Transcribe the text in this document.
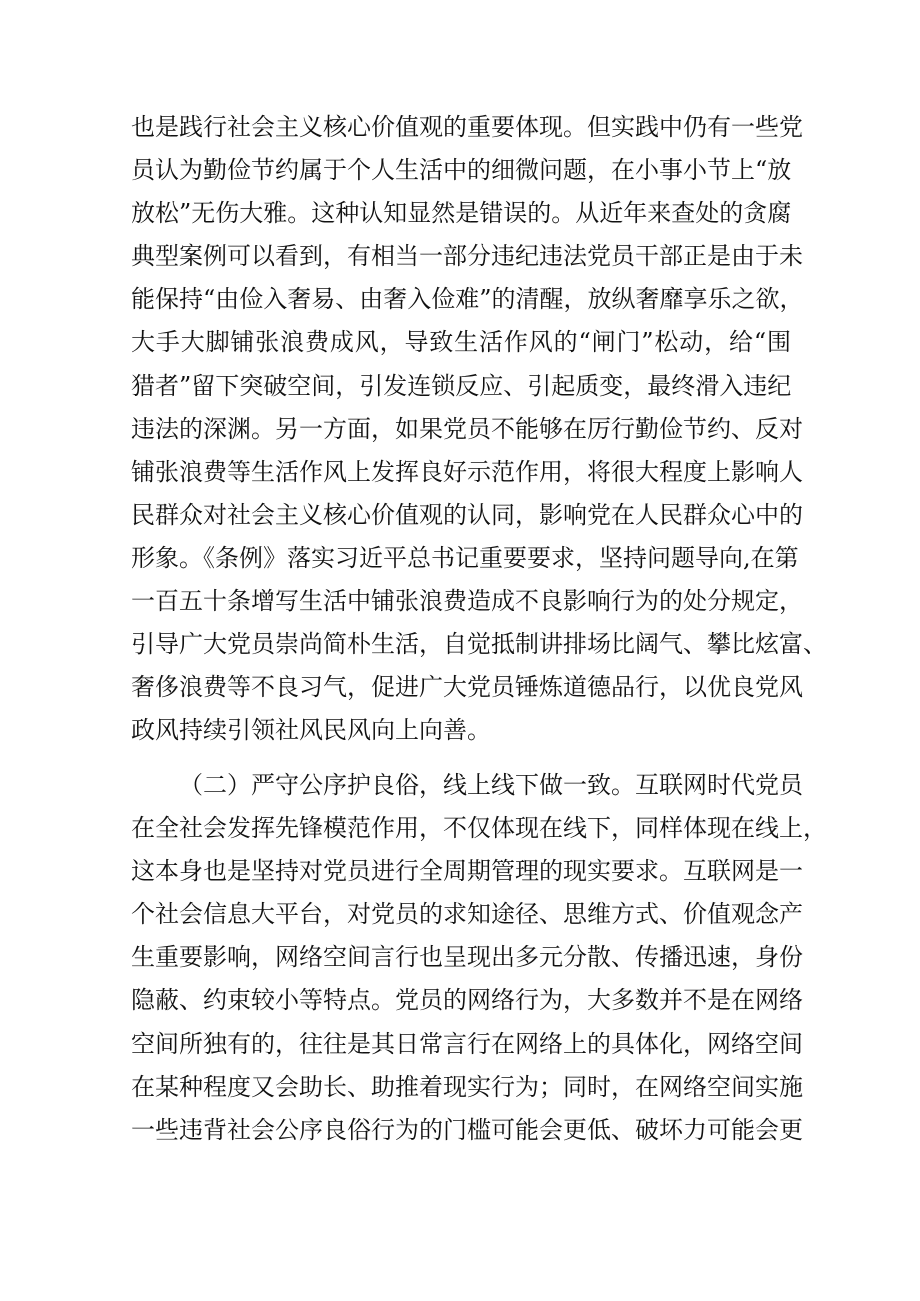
也是践行社会主义核心价值观的重要体现。但实践中仍有一些党
员认为勤俭节约属于个人生活中的细微问题，在小事小节上“放
放松”无伤大雅。这种认知显然是错误的。从近年来查处的贪腐
典型案例可以看到，有相当一部分违纪违法党员干部正是由于未
能保持“由俭入奢易、由奢入俭难”的清醒，放纵奢靡享乐之欲，
大手大脚铺张浪费成风，导致生活作风的“闸门”松动，给“围
猎者”留下突破空间，引发连锁反应、引起质变，最终滑入违纪
违法的深渊。另一方面，如果党员不能够在厉行勤俭节约、反对
铺张浪费等生活作风上发挥良好示范作用，将很大程度上影响人
民群众对社会主义核心价值观的认同，影响党在人民群众心中的
形象。《条例》落实习近平总书记重要要求，坚持问题导向,在第
一百五十条增写生活中铺张浪费造成不良影响行为的处分规定，
引导广大党员崇尚简朴生活，自觉抵制讲排场比阔气、攀比炫富、
奢侈浪费等不良习气，促进广大党员锤炼道德品行，以优良党风
政风持续引领社风民风向上向善。
（二）严守公序护良俗，线上线下做一致。互联网时代党员
在全社会发挥先锋模范作用，不仅体现在线下，同样体现在线上，
这本身也是坚持对党员进行全周期管理的现实要求。互联网是一
个社会信息大平台，对党员的求知途径、思维方式、价值观念产
生重要影响，网络空间言行也呈现出多元分散、传播迅速，身份
隐蔽、约束较小等特点。党员的网络行为，大多数并不是在网络
空间所独有的，往往是其日常言行在网络上的具体化，网络空间
在某种程度又会助长、助推着现实行为；同时，在网络空间实施
一些违背社会公序良俗行为的门槛可能会更低、破坏力可能会更
